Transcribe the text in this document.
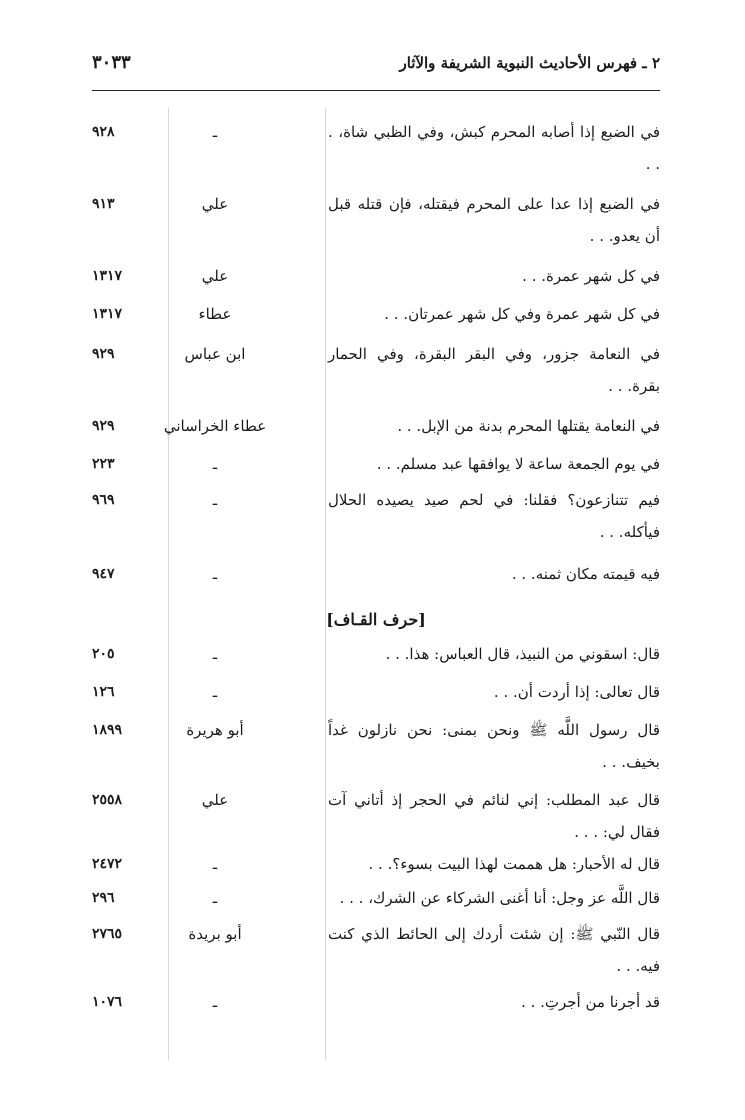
٢ ـ فهرس الأحاديث النبوية الشريفة والآثار
٣٠٣٣
في الضبع إذا أصابه المحرم كبش، وفي الظبي شاة، . . .
ـ
٩٢٨
في الضبع إذا عدا على المحرم فيقتله، فإن قتله قبل أن يعدو. . .
علي
٩١٣
في كل شهر عمرة. . .
علي
١٣١٧
في كل شهر عمرة وفي كل شهر عمرتان. . .
عطاء
١٣١٧
في النعامة جزور، وفي البقر البقرة، وفي الحمار بقرة. . .
ابن عباس
٩٢٩
في النعامة يقتلها المحرم بدنة من الإبل. . .
عطاء الخراساني
٩٢٩
في يوم الجمعة ساعة لا يوافقها عبد مسلم. . .
ـ
٢٢٣
فيم تتنازعون؟ فقلنا: في لحم صيد يصيده الحلال فيأكله. . .
ـ
٩٦٩
فيه قيمته مكان ثمنه. . .
ـ
٩٤٧
[حرف القـاف]
قال: اسقوني من النبيذ، قال العباس: هذا. . .
ـ
٢٠٥
قال تعالى: إذا أردت أن. . .
ـ
١٢٦
قال رسول اللَّه ﷺ ونحن بمنى: نحن نازلون غداً بخيف. . .
أبو هريرة
١٨٩٩
قال عبد المطلب: إني لنائم في الحجر إذ أتاني آت فقال لي: . . .
علي
٢٥٥٨
قال له الأحبار: هل هممت لهذا البيت بسوء؟. . .
ـ
٢٤٧٢
قال اللَّه عز وجل: أنا أغنى الشركاء عن الشرك، . . .
ـ
٢٩٦
قال النّبي ﷺ: إن شئت أردك إلى الحائط الذي كنت فيه. . .
أبو بريدة
٢٧٦٥
قد أجرنا من أجرتِ. . .
ـ
١٠٧٦
